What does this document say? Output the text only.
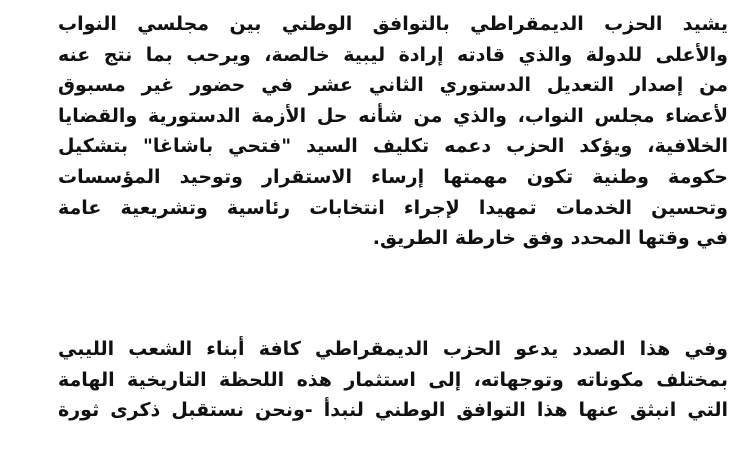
يشيد الحزب الديمقراطي بالتوافق الوطني بين مجلسي النواب
والأعلى للدولة والذي قادته إرادة ليبية خالصة، ويرحب بما نتج عنه
من إصدار التعديل الدستوري الثاني عشر في حضور غير مسبوق
لأعضاء مجلس النواب، والذي من شأنه حل الأزمة الدستورية والقضايا
الخلافية، ويؤكد الحزب دعمه تكليف السيد "فتحي باشاغا" بتشكيل
حكومة وطنية تكون مهمتها إرساء الاستقرار وتوحيد المؤسسات
وتحسين الخدمات تمهيدا لإجراء انتخابات رئاسية وتشريعية عامة
في وقتها المحدد وفق خارطة الطريق.
وفي هذا الصدد يدعو الحزب الديمقراطي كافة أبناء الشعب الليبي
بمختلف مكوناته وتوجهاته، إلى استثمار هذه اللحظة التاريخية الهامة
التي انبثق عنها هذا التوافق الوطني لنبدأ -ونحن نستقبل ذكرى ثورة
